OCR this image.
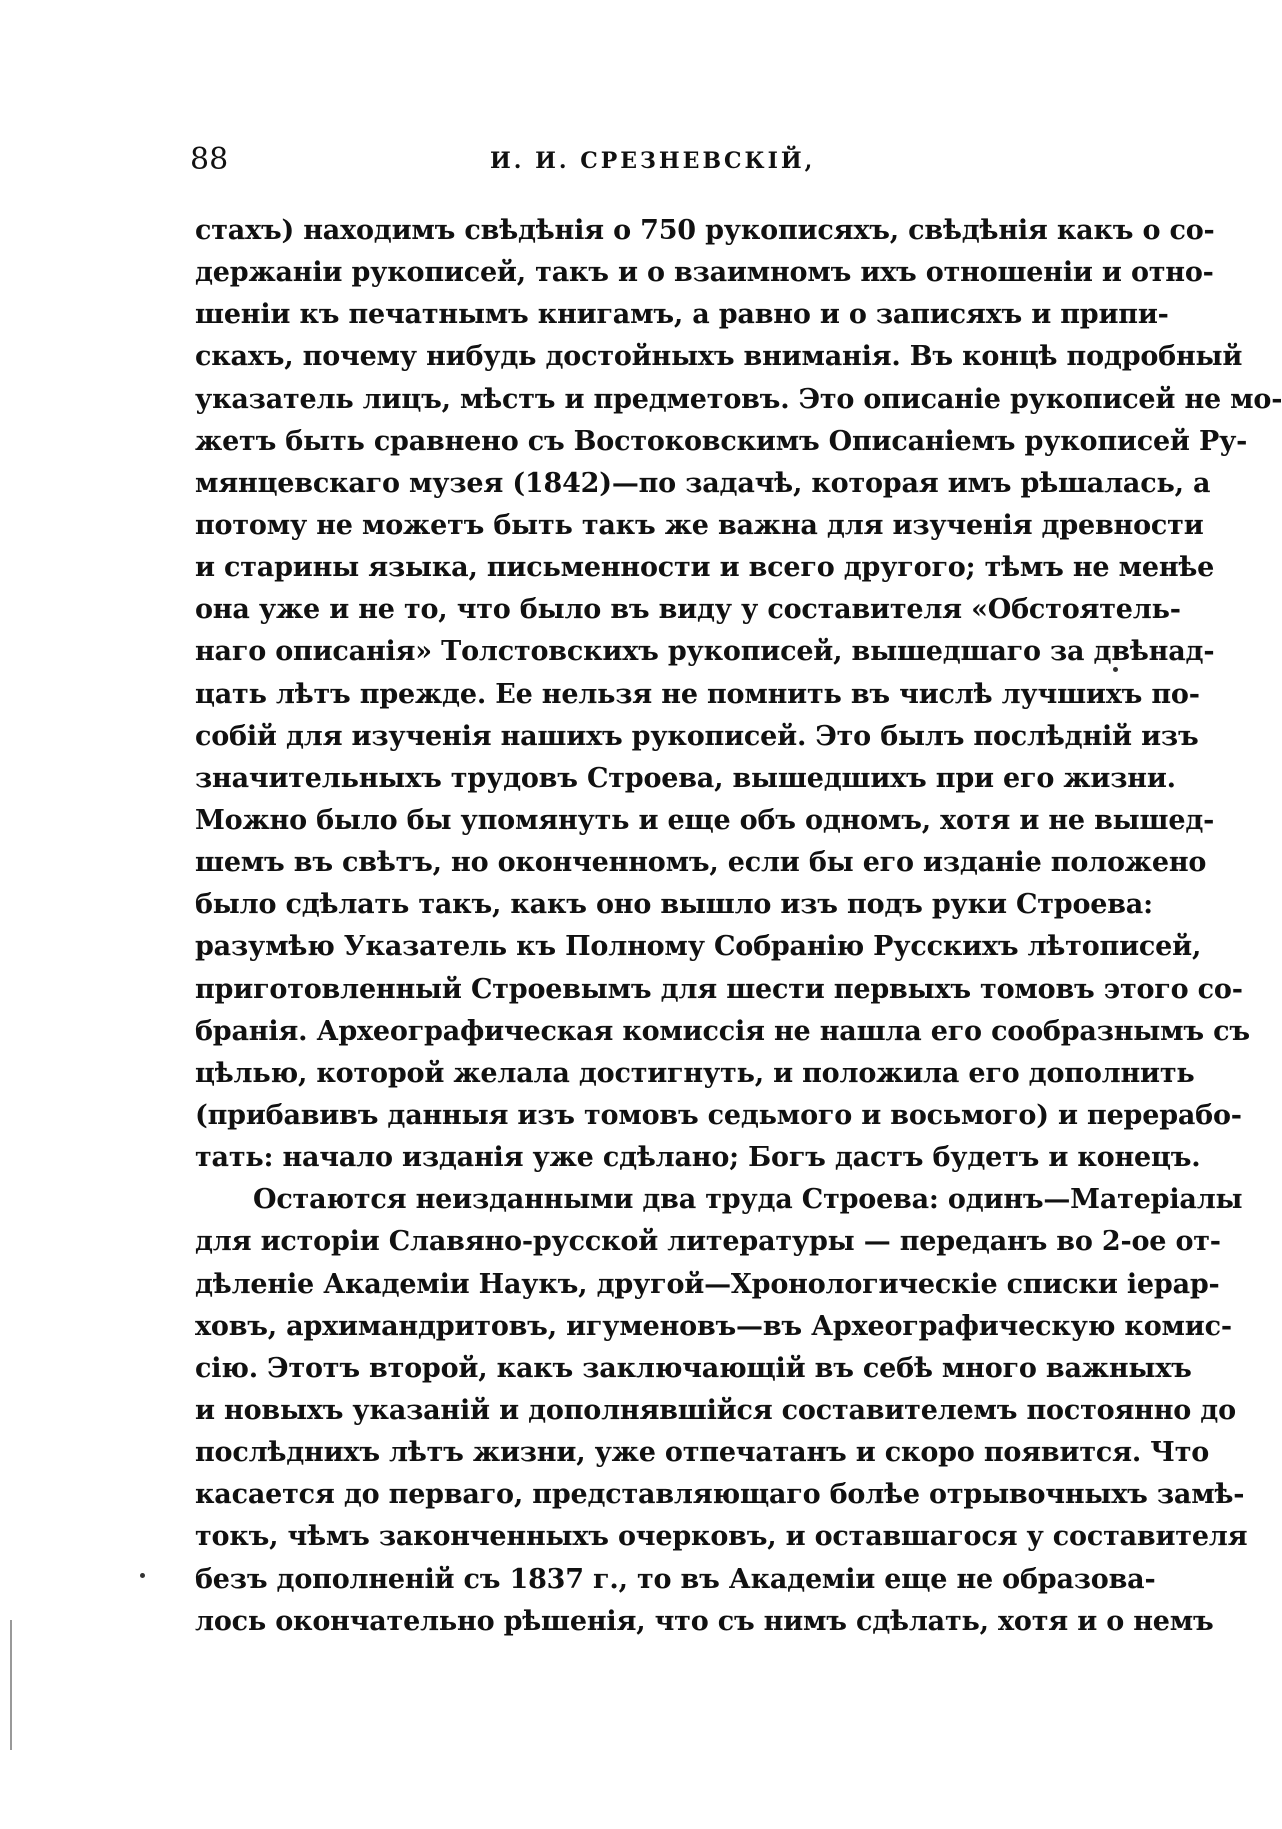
88	И. И. СРЕЗНЕВСКІЙ,
стахъ) находимъ свѣдѣнія о 750 рукописяхъ, свѣдѣнія какъ о со-
держаніи рукописей, такъ и о взаимномъ ихъ отношеніи и отно-
шеніи къ печатнымъ книгамъ, а равно и о записяхъ и припи-
скахъ, почему нибудь достойныхъ вниманія. Въ концѣ подробный
указатель лицъ, мѣстъ и предметовъ. Это описаніе рукописей не мо-
жетъ быть сравнено съ Востоковскимъ Описаніемъ рукописей Ру-
мянцевскаго музея (1842)—по задачѣ, которая имъ рѣшалась, а
потому не можетъ быть такъ же важна для изученія древности
и старины языка, письменности и всего другого; тѣмъ не менѣе
она уже и не то, что было въ виду у составителя «Обстоятель-
наго описанія» Толстовскихъ рукописей, вышедшаго за двѣнад-
цать лѣтъ прежде. Ее нельзя не помнить въ числѣ лучшихъ по-
собій для изученія нашихъ рукописей. Это былъ послѣдній изъ
значительныхъ трудовъ Строева, вышедшихъ при его жизни.
Можно было бы упомянуть и еще объ одномъ, хотя и не вышед-
шемъ въ свѣтъ, но оконченномъ, если бы его изданіе положено
было сдѣлать такъ, какъ оно вышло изъ подъ руки Строева:
разумѣю Указатель къ Полному Собранію Русскихъ лѣтописей,
приготовленный Строевымъ для шести первыхъ томовъ этого со-
бранія. Археографическая комиссія не нашла его сообразнымъ съ
цѣлью, которой желала достигнуть, и положила его дополнить
(прибавивъ данныя изъ томовъ седьмого и восьмого) и перерабо-
тать: начало изданія уже сдѣлано; Богъ дастъ будетъ и конецъ.
Остаются неизданными два труда Строева: одинъ—Матеріалы
для исторіи Славяно-русской литературы — переданъ во 2-ое от-
дѣленіе Академіи Наукъ, другой—Хронологическіе списки іерар-
ховъ, архимандритовъ, игуменовъ—въ Археографическую комис-
сію. Этотъ второй, какъ заключающій въ себѣ много важныхъ
и новыхъ указаній и дополнявшійся составителемъ постоянно до
послѣднихъ лѣтъ жизни, уже отпечатанъ и скоро появится. Что
касается до перваго, представляющаго болѣе отрывочныхъ замѣ-
токъ, чѣмъ законченныхъ очерковъ, и оставшагося у составителя
безъ дополненій съ 1837 г., то въ Академіи еще не образова-
лось окончательно рѣшенія, что съ нимъ сдѣлать, хотя и о немъ
